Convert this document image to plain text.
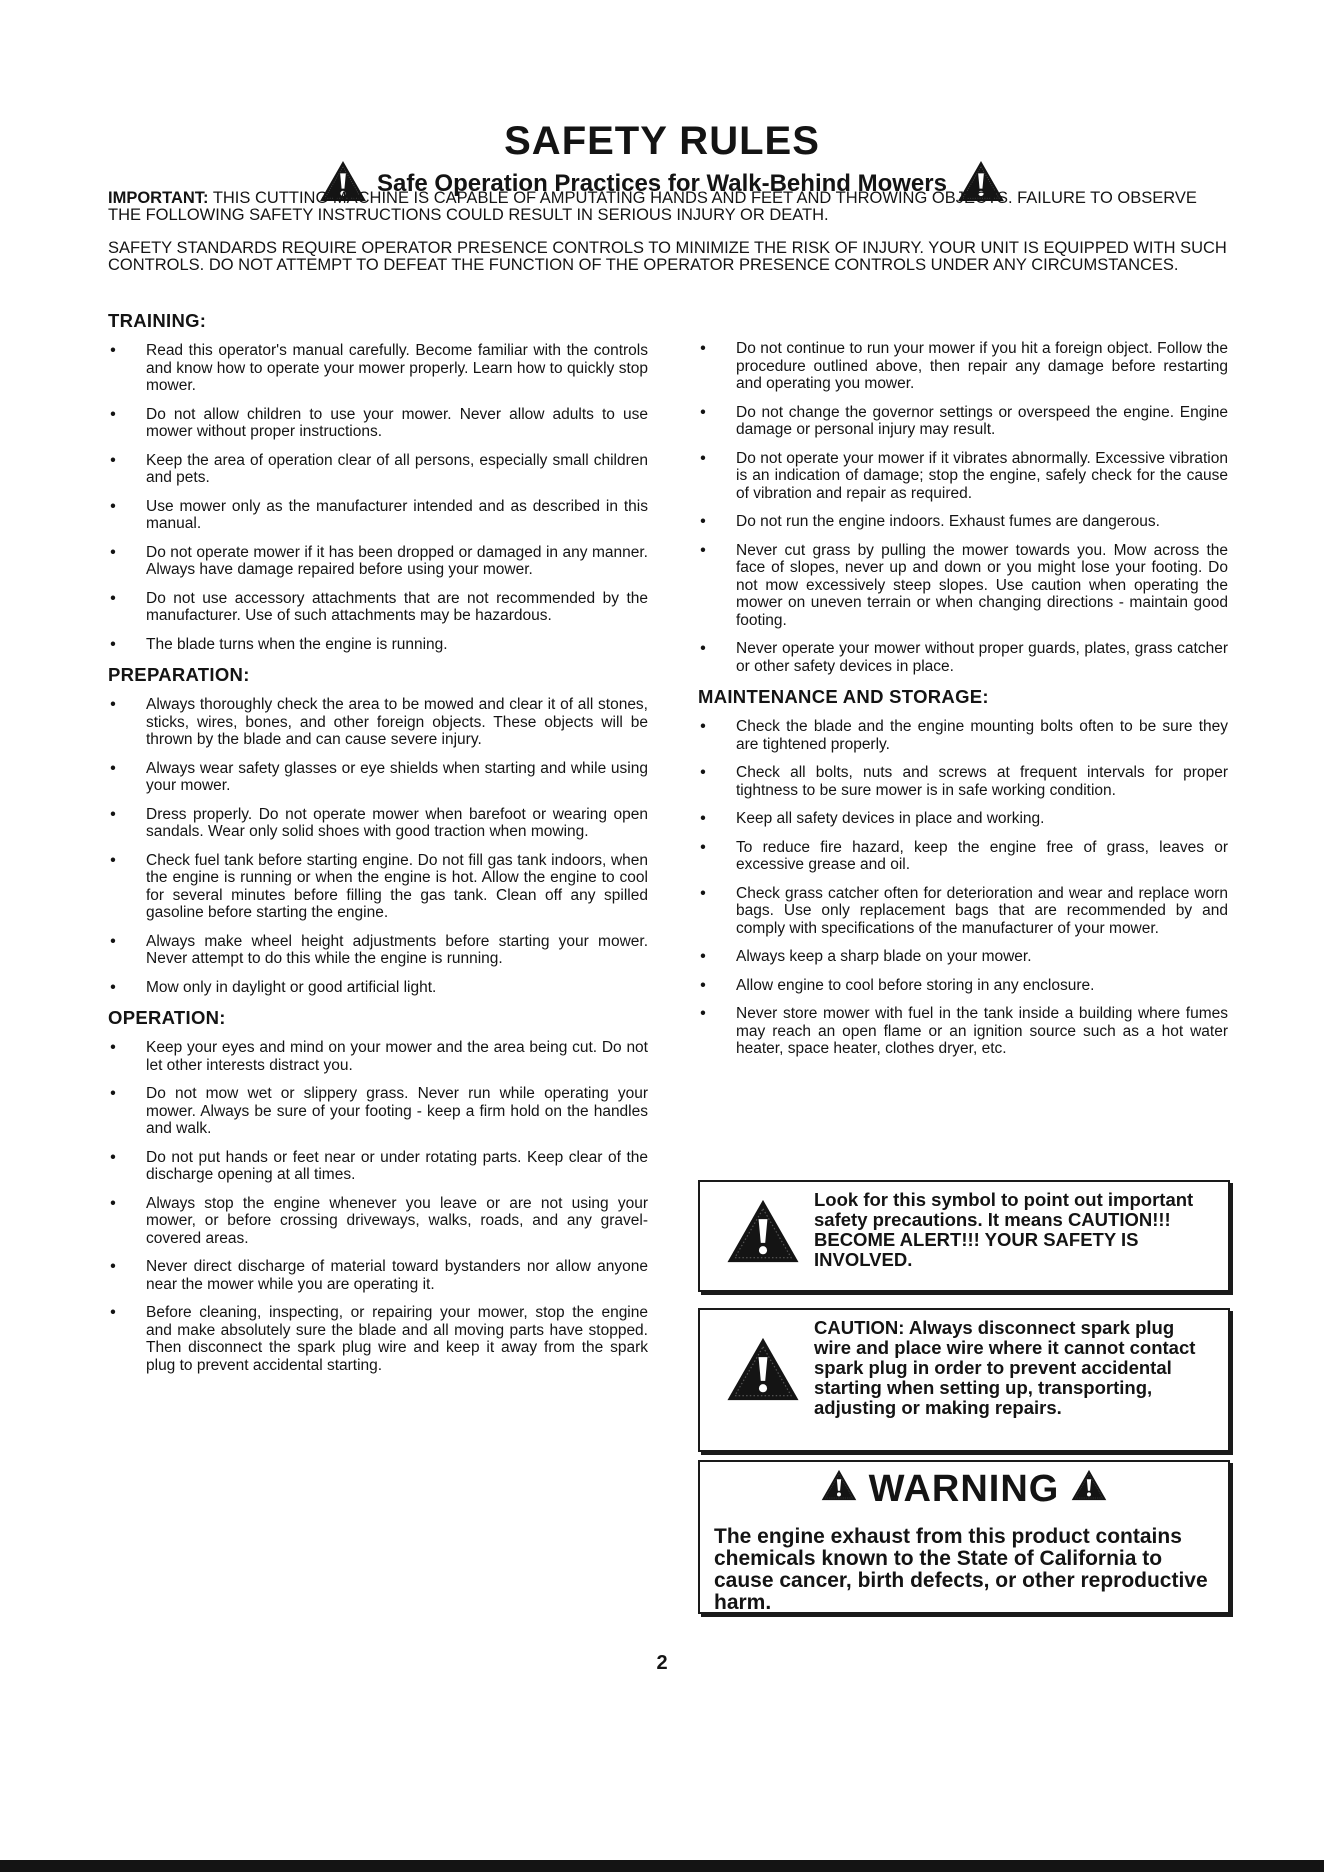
SAFETY RULES
Safe Operation Practices for Walk-Behind Mowers

IMPORTANT: THIS CUTTING MACHINE IS CAPABLE OF AMPUTATING HANDS AND FEET AND THROWING OBJECTS. FAILURE TO OBSERVE THE FOLLOWING SAFETY INSTRUCTIONS COULD RESULT IN SERIOUS INJURY OR DEATH.

SAFETY STANDARDS REQUIRE OPERATOR PRESENCE CONTROLS TO MINIMIZE THE RISK OF INJURY. YOUR UNIT IS EQUIPPED WITH SUCH CONTROLS. DO NOT ATTEMPT TO DEFEAT THE FUNCTION OF THE OPERATOR PRESENCE CONTROLS UNDER ANY CIRCUMSTANCES.

TRAINING:
• Read this operator's manual carefully. Become familiar with the controls and know how to operate your mower properly. Learn how to quickly stop mower.
• Do not allow children to use your mower. Never allow adults to use mower without proper instructions.
• Keep the area of operation clear of all persons, especially small children and pets.
• Use mower only as the manufacturer intended and as described in this manual.
• Do not operate mower if it has been dropped or damaged in any manner. Always have damage repaired before using your mower.
• Do not use accessory attachments that are not recommended by the manufacturer. Use of such attachments may be hazardous.
• The blade turns when the engine is running.
PREPARATION:
• Always thoroughly check the area to be mowed and clear it of all stones, sticks, wires, bones, and other foreign objects. These objects will be thrown by the blade and can cause severe injury.
• Always wear safety glasses or eye shields when starting and while using your mower.
• Dress properly. Do not operate mower when barefoot or wearing open sandals. Wear only solid shoes with good traction when mowing.
• Check fuel tank before starting engine. Do not fill gas tank indoors, when the engine is running or when the engine is hot. Allow the engine to cool for several minutes before filling the gas tank. Clean off any spilled gasoline before starting the engine.
• Always make wheel height adjustments before starting your mower. Never attempt to do this while the engine is running.
• Mow only in daylight or good artificial light.
OPERATION:
• Keep your eyes and mind on your mower and the area being cut. Do not let other interests distract you.
• Do not mow wet or slippery grass. Never run while operating your mower. Always be sure of your footing - keep a firm hold on the handles and walk.
• Do not put hands or feet near or under rotating parts. Keep clear of the discharge opening at all times.
• Always stop the engine whenever you leave or are not using your mower, or before crossing driveways, walks, roads, and any gravel-covered areas.
• Never direct discharge of material toward bystanders nor allow anyone near the mower while you are operating it.
• Before cleaning, inspecting, or repairing your mower, stop the engine and make absolutely sure the blade and all moving parts have stopped. Then disconnect the spark plug wire and keep it away from the spark plug to prevent accidental starting.
• Do not continue to run your mower if you hit a foreign object. Follow the procedure outlined above, then repair any damage before restarting and operating you mower.
• Do not change the governor settings or overspeed the engine. Engine damage or personal injury may result.
• Do not operate your mower if it vibrates abnormally. Excessive vibration is an indication of damage; stop the engine, safely check for the cause of vibration and repair as required.
• Do not run the engine indoors. Exhaust fumes are dangerous.
• Never cut grass by pulling the mower towards you. Mow across the face of slopes, never up and down or you might lose your footing. Do not mow excessively steep slopes. Use caution when operating the mower on uneven terrain or when changing directions - maintain good footing.
• Never operate your mower without proper guards, plates, grass catcher or other safety devices in place.
MAINTENANCE AND STORAGE:
• Check the blade and the engine mounting bolts often to be sure they are tightened properly.
• Check all bolts, nuts and screws at frequent intervals for proper tightness to be sure mower is in safe working condition.
• Keep all safety devices in place and working.
• To reduce fire hazard, keep the engine free of grass, leaves or excessive grease and oil.
• Check grass catcher often for deterioration and wear and replace worn bags. Use only replacement bags that are recommended by and comply with specifications of the manufacturer of your mower.
• Always keep a sharp blade on your mower.
• Allow engine to cool before storing in any enclosure.
• Never store mower with fuel in the tank inside a building where fumes may reach an open flame or an ignition source such as a hot water heater, space heater, clothes dryer, etc.
Look for this symbol to point out important safety precautions. It means CAUTION!!! BECOME ALERT!!! YOUR SAFETY IS INVOLVED.
CAUTION: Always disconnect spark plug wire and place wire where it cannot contact spark plug in order to prevent accidental starting when setting up, transporting, adjusting or making repairs.
WARNING
The engine exhaust from this product contains chemicals known to the State of California to cause cancer, birth defects, or other reproductive harm.
2
